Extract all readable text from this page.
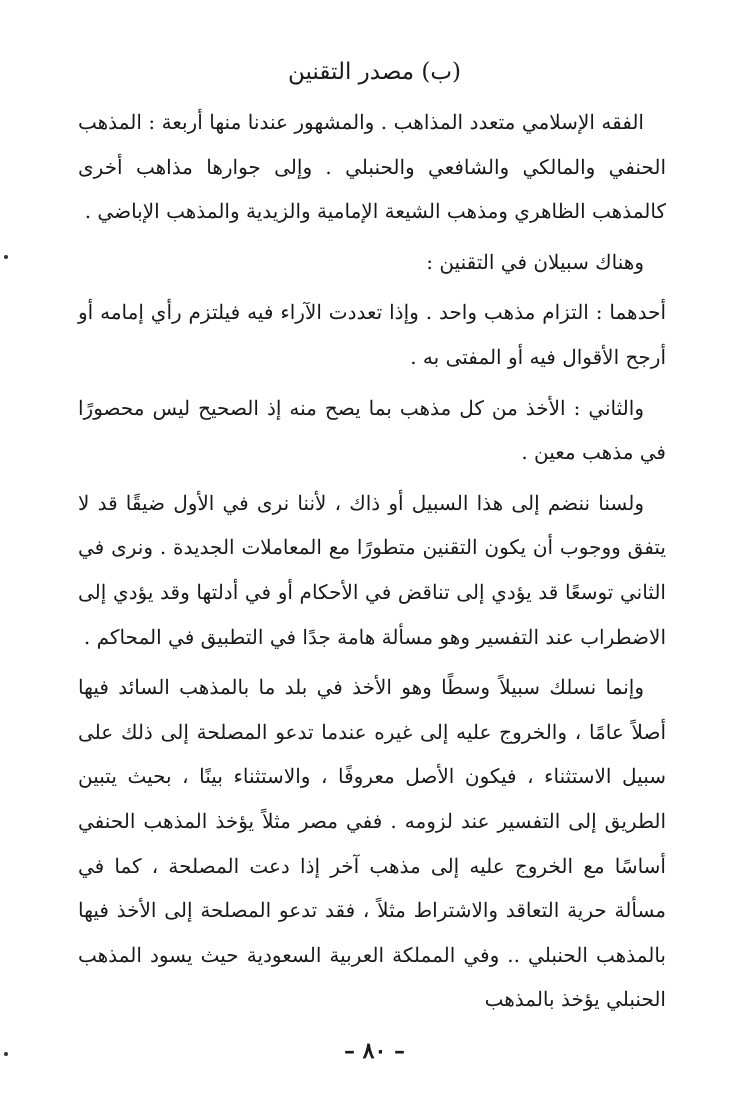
(ب) مصدر التقنين

الفقه الإسلامي متعدد المذاهب . والمشهور عندنا منها أربعة : المذهب الحنفي والمالكي والشافعي والحنبلي . وإلى جوارها مذاهب أخرى كالمذهب الظاهري ومذهب الشيعة الإمامية والزيدية والمذهب الإباضي .

وهناك سبيلان في التقنين :

أحدهما : التزام مذهب واحد . وإذا تعددت الآراء فيه فيلتزم رأي إمامه أو أرجح الأقوال فيه أو المفتى به .

والثاني : الأخذ من كل مذهب بما يصح منه إذ الصحيح ليس محصورًا في مذهب معين .

ولسنا ننضم إلى هذا السبيل أو ذاك ، لأننا نرى في الأول ضيقًا قد لا يتفق ووجوب أن يكون التقنين متطورًا مع المعاملات الجديدة . ونرى في الثاني توسعًا قد يؤدي إلى تناقض في الأحكام أو في أدلتها وقد يؤدي إلى الاضطراب عند التفسير وهو مسألة هامة جدًا في التطبيق في المحاكم .

وإنما نسلك سبيلاً وسطًا وهو الأخذ في بلد ما بالمذهب السائد فيها أصلاً عامًا ، والخروج عليه إلى غيره عندما تدعو المصلحة إلى ذلك على سبيل الاستثناء ، فيكون الأصل معروفًا ، والاستثناء بينًا ، بحيث يتبين الطريق إلى التفسير عند لزومه . ففي مصر مثلاً يؤخذ المذهب الحنفي أساسًا مع الخروج عليه إلى مذهب آخر إذا دعت المصلحة ، كما في مسألة حرية التعاقد والاشتراط مثلاً ، فقد تدعو المصلحة إلى الأخذ فيها بالمذهب الحنبلي .. وفي المملكة العربية السعودية حيث يسود المذهب الحنبلي يؤخذ بالمذهب

– ٨٠ –
